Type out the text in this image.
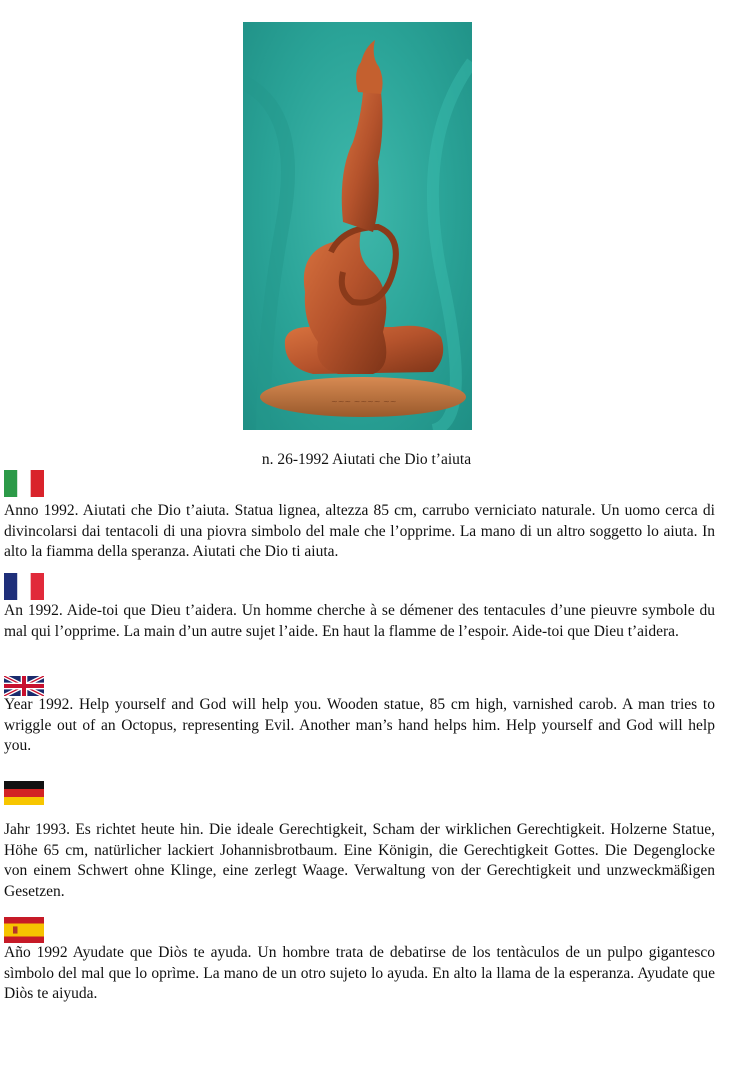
~~~ ~~~~ ~~
n. 26-1992 Aiutati che Dio t’aiuta
Anno 1992. Aiutati che Dio t’aiuta. Statua lignea, altezza 85 cm, carrubo verniciato naturale. Un uomo cerca di divincolarsi dai tentacoli di una piovra simbolo del male che l’opprime. La mano di un altro soggetto lo aiuta. In alto la fiamma della speranza. Aiutati che Dio ti aiuta.
An 1992. Aide-toi que Dieu t’aidera. Un homme cherche à se démener des tentacules d’une pieuvre symbole du mal qui l’opprime. La main d’un autre sujet l’aide. En haut la flamme de l’espoir. Aide-toi que Dieu t’aidera.
Year 1992. Help yourself and God will help you. Wooden statue, 85 cm high, varnished carob. A man tries to wriggle out of an Octopus, representing Evil. Another man’s hand helps him. Help yourself and God will help you.
Jahr 1993. Es richtet heute hin. Die ideale Gerechtigkeit, Scham der wirklichen Gerechtigkeit. Holzerne Statue, Höhe 65 cm, natürlicher lackiert Johannisbrotbaum. Eine Königin, die Gerechtigkeit Gottes. Die Degenglocke von einem Schwert ohne Klinge, eine zerlegt Waage. Verwaltung von der Gerechtigkeit und unzweckmäßigen Gesetzen.
Año 1992 Ayudate que Diòs te ayuda. Un hombre trata de debatirse de los tentàculos de un pulpo gigantesco sìmbolo del mal que lo oprìme. La mano de un otro sujeto lo ayuda. En alto la llama de la esperanza. Ayudate que Diòs te aiyuda.
